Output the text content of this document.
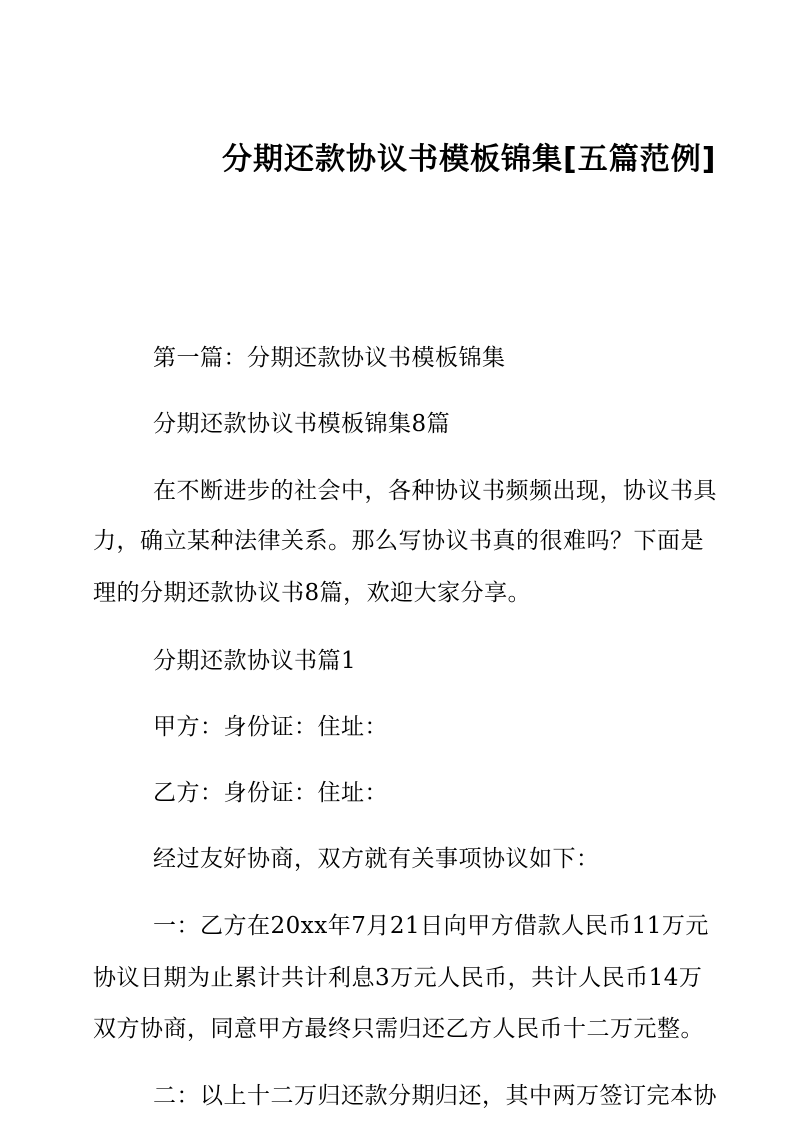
分期还款协议书模板锦集[五篇范例]
第一篇：分期还款协议书模板锦集
分期还款协议书模板锦集8篇
在不断进步的社会中，各种协议书频频出现，协议书具
力，确立某种法律关系。那么写协议书真的很难吗？下面是
理的分期还款协议书8篇，欢迎大家分享。
分期还款协议书篇1
甲方：身份证：住址：
乙方：身份证：住址：
经过友好协商，双方就有关事项协议如下：
一：乙方在20xx年7月21日向甲方借款人民币11万元
协议日期为止累计共计利息3万元人民币，共计人民币14万
双方协商，同意甲方最终只需归还乙方人民币十二万元整。
二：以上十二万归还款分期归还，其中两万签订完本协
